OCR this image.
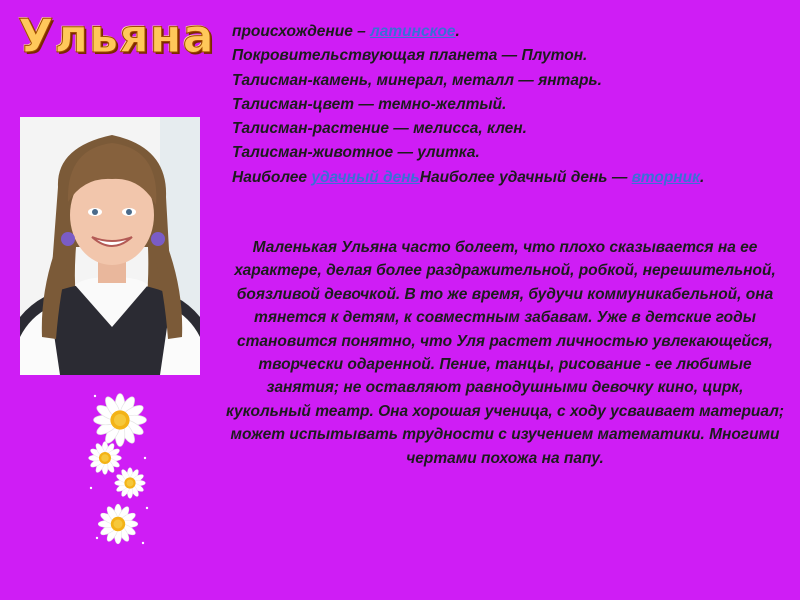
Ульяна происхождение – латинское.
Покровительствующая планета — Плутон.
Талисман-камень, минерал, металл — янтарь.
Талисман-цвет — темно-желтый.
Талисман-растение — мелисса, клен.
Талисман-животное — улитка.
Наиболее удачный деньНаиболее удачный день — вторник.
Маленькая Ульяна часто болеет, что плохо сказывается на ее характере, делая более раздражительной, робкой, нерешительной, боязливой девочкой. В то же время, будучи коммуникабельной, она тянется к детям, к совместным забавам. Уже в детские годы становится понятно, что Уля растет личностью увлекающейся, творчески одаренной. Пение, танцы, рисование - ее любимые занятия; не оставляют равнодушными девочку кино, цирк, кукольный театр. Она хорошая ученица, с ходу усваивает материал; может испытывать трудности с изучением математики. Многими чертами похожа на папу.
